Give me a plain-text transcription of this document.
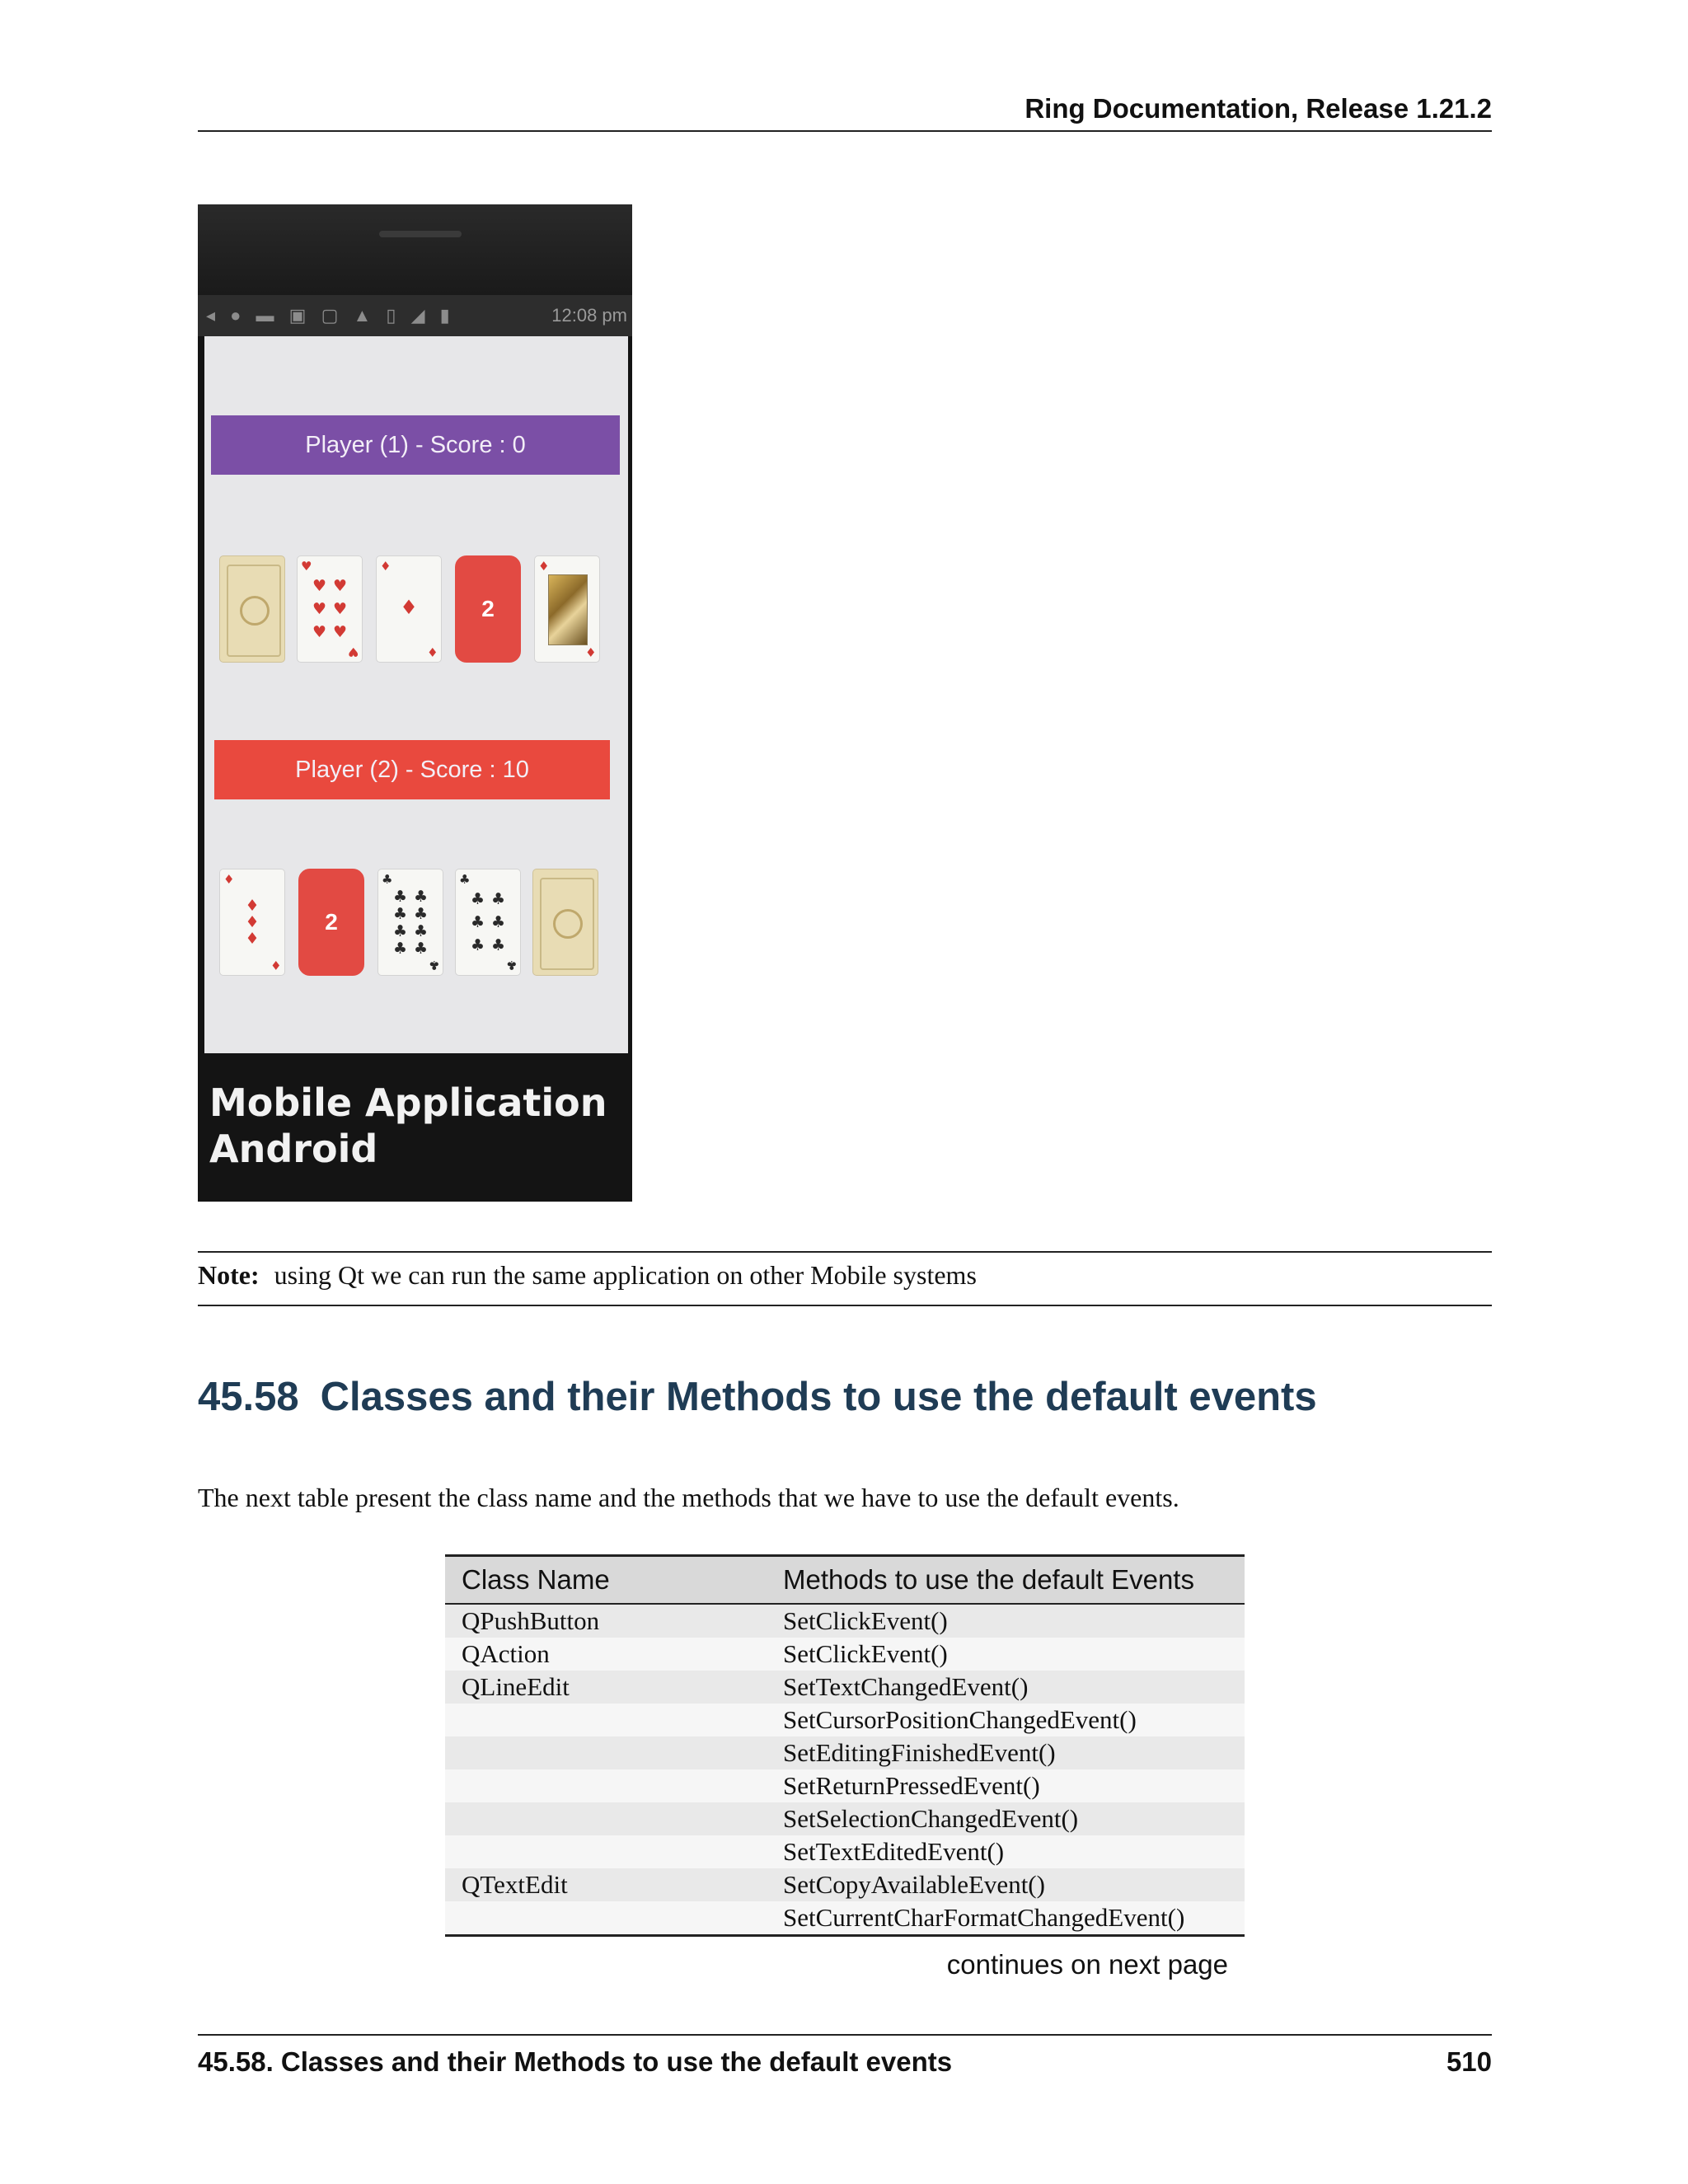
Ring Documentation, Release 1.21.2
◂ ● ▬ ▣ ▢ ▲ ▯ ◢ ▮	12:08 pm
Player (1) - Score : 0
♥
♥ ♥
♥ ♥
♥ ♥
♥
♦
♦
♦
2
♦
♦
Player (2) - Score : 10
♦
♦
♦
♦
♦
2
♣
♣ ♣
♣ ♣
♣ ♣
♣ ♣
♣
♣
♣ ♣
♣ ♣
♣ ♣
♣
Mobile Application
Android
Note: using Qt we can run the same application on other Mobile systems
45.58 Classes and their Methods to use the default events
The next table present the class name and the methods that we have to use the default events.
Class Name	Methods to use the default Events
QPushButton	SetClickEvent()
QAction	SetClickEvent()
QLineEdit	SetTextChangedEvent()
	SetCursorPositionChangedEvent()
	SetEditingFinishedEvent()
	SetReturnPressedEvent()
	SetSelectionChangedEvent()
	SetTextEditedEvent()
QTextEdit	SetCopyAvailableEvent()
	SetCurrentCharFormatChangedEvent()
continues on next page
45.58. Classes and their Methods to use the default events	510
